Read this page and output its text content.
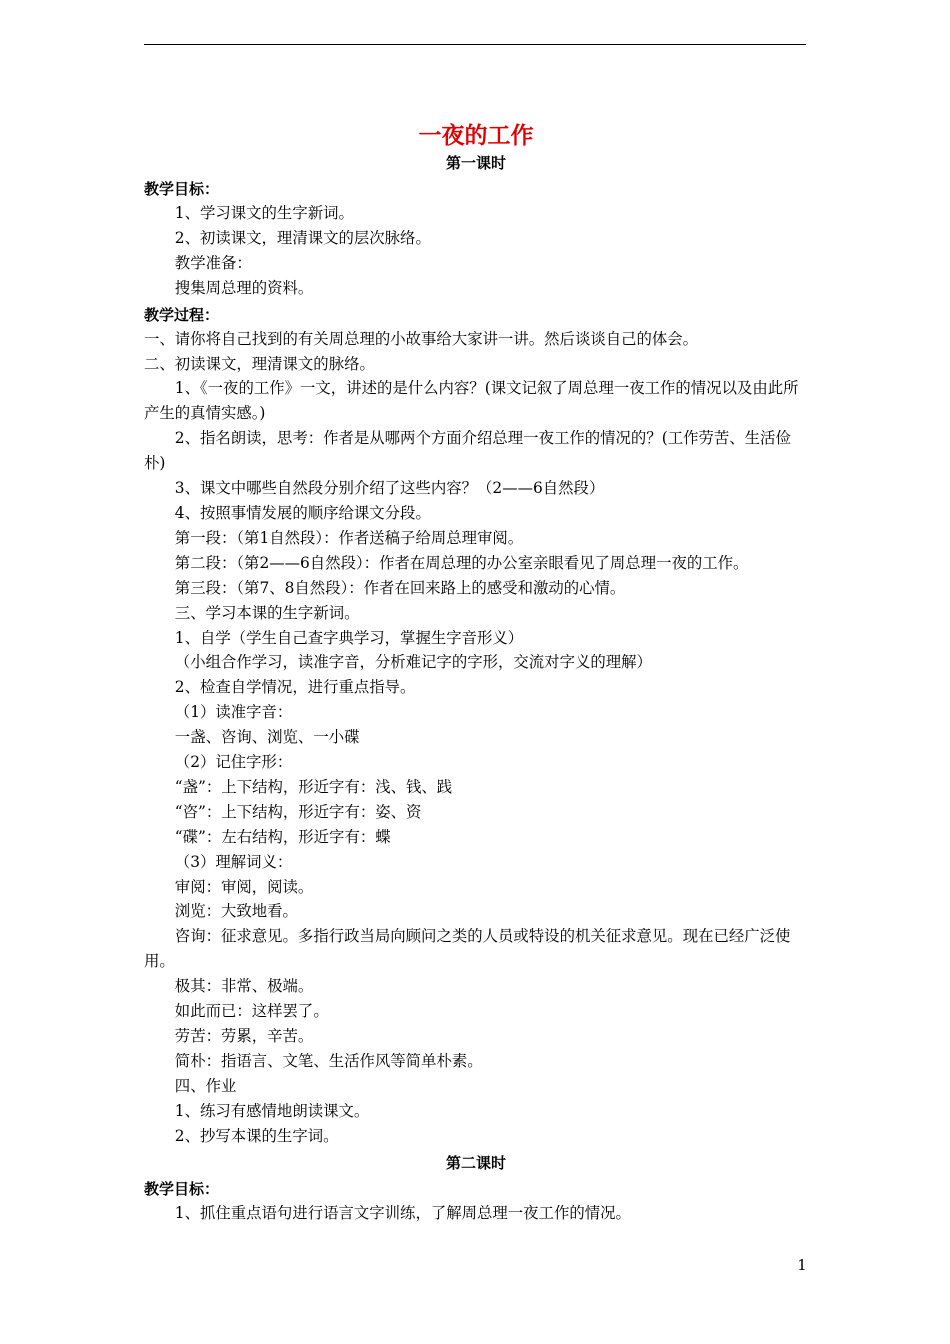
一夜的工作
第一课时
教学目标：

1、学习课文的生字新词。

2、初读课文，理清课文的层次脉络。

教学准备：

搜集周总理的资料。

教学过程：

一、请你将自己找到的有关周总理的小故事给大家讲一讲。然后谈谈自己的体会。

二、初读课文，理清课文的脉络。

1、《一夜的工作》一文，讲述的是什么内容？(课文记叙了周总理一夜工作的情况以及由此所产生的真情实感。)

2、指名朗读，思考：作者是从哪两个方面介绍总理一夜工作的情况的？(工作劳苦、生活俭朴)

3、课文中哪些自然段分别介绍了这些内容？（2——6自然段）

4、按照事情发展的顺序给课文分段。

第一段：（第1自然段）：作者送稿子给周总理审阅。

第二段：（第2——6自然段）：作者在周总理的办公室亲眼看见了周总理一夜的工作。

第三段：（第7、8自然段）：作者在回来路上的感受和激动的心情。

三、学习本课的生字新词。

1、自学（学生自己查字典学习，掌握生字音形义）

（小组合作学习，读准字音，分析难记字的字形，交流对字义的理解）

2、检查自学情况，进行重点指导。

（1）读准字音：

一盏、咨询、浏览、一小碟

（2）记住字形：

“盏”：上下结构，形近字有：浅、钱、践

“咨”：上下结构，形近字有：姿、资

“碟”：左右结构，形近字有：蝶

（3）理解词义：

审阅：审阅，阅读。

浏览：大致地看。

咨询：征求意见。多指行政当局向顾问之类的人员或特设的机关征求意见。现在已经广泛使用。

极其：非常、极端。

如此而已：这样罢了。

劳苦：劳累，辛苦。

简朴：指语言、文笔、生活作风等简单朴素。

四、作业

1、练习有感情地朗读课文。

2、抄写本课的生字词。

第二课时
教学目标：

1、抓住重点语句进行语言文字训练，了解周总理一夜工作的情况。

1
